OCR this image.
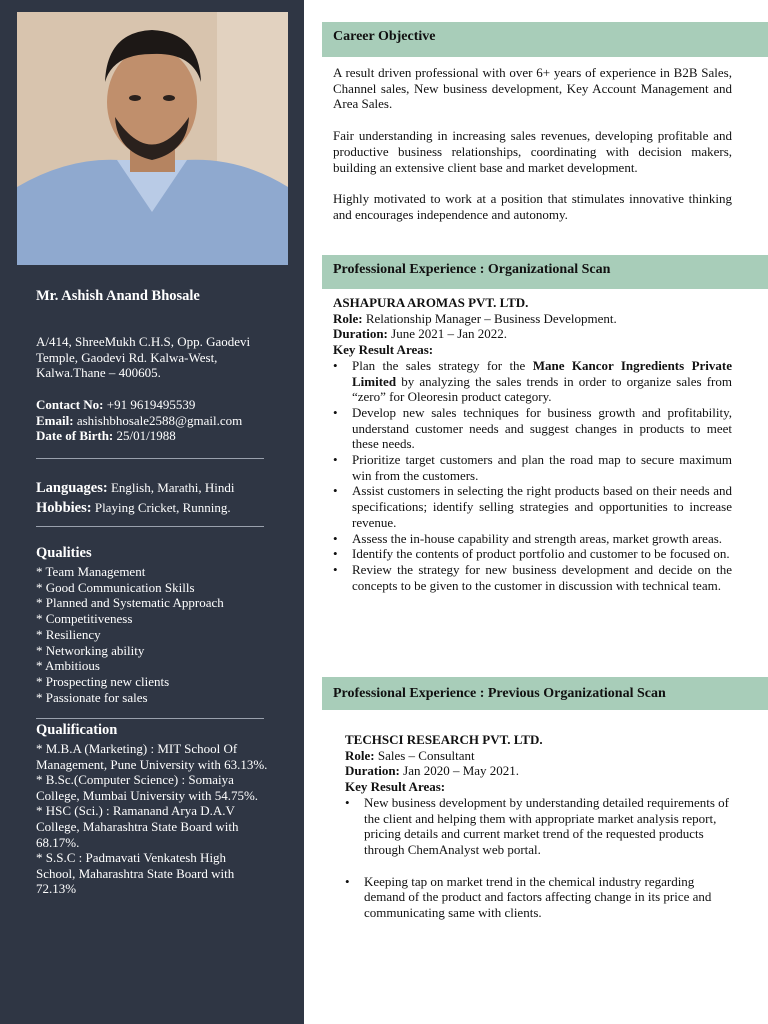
Mr. Ashish Anand Bhosale
A/414, ShreeMukh C.H.S, Opp. Gaodevi Temple, Gaodevi Rd. Kalwa-West, Kalwa.Thane – 400605.
Contact No: +91 9619495539
Email: ashishbhosale2588@gmail.com
Date of Birth: 25/01/1988
Languages: English, Marathi, Hindi
Hobbies: Playing Cricket, Running.
Qualities
* Team Management
* Good Communication Skills
* Planned and Systematic Approach
* Competitiveness
* Resiliency
* Networking ability
* Ambitious
* Prospecting new clients
* Passionate for sales
Qualification
* M.B.A (Marketing) : MIT School Of Management, Pune University with 63.13%.
* B.Sc.(Computer Science) : Somaiya College, Mumbai University with 54.75%.
* HSC (Sci.) : Ramanand Arya D.A.V College, Maharashtra State Board with 68.17%.
* S.S.C : Padmavati Venkatesh High School, Maharashtra State Board with 72.13%
Career Objective

A result driven professional with over 6+ years of experience in B2B Sales, Channel sales, New business development, Key Account Management and Area Sales.

Fair understanding in increasing sales revenues, developing profitable and productive business relationships, coordinating with decision makers, building an extensive client base and market development.

Highly motivated to work at a position that stimulates innovative thinking and encourages independence and autonomy.

Professional Experience : Organizational Scan
ASHAPURA AROMAS PVT. LTD.
Role: Relationship Manager – Business Development.
Duration: June 2021 – Jan 2022.
Key Result Areas:
• Plan the sales strategy for the Mane Kancor Ingredients Private Limited by analyzing the sales trends in order to organize sales from “zero” for Oleoresin product category.
• Develop new sales techniques for business growth and profitability, understand customer needs and suggest changes in products to meet these needs.
• Prioritize target customers and plan the road map to secure maximum win from the customers.
• Assist customers in selecting the right products based on their needs and specifications; identify selling strategies and opportunities to increase revenue.
• Assess the in-house capability and strength areas, market growth areas.
• Identify the contents of product portfolio and customer to be focused on.
• Review the strategy for new business development and decide on the concepts to be given to the customer in discussion with technical team.
Professional Experience : Previous Organizational Scan
TECHSCI RESEARCH PVT. LTD.
Role: Sales – Consultant
Duration: Jan 2020 – May 2021.
Key Result Areas:
• New business development by understanding detailed requirements of the client and helping them with appropriate market analysis report, pricing details and current market trend of the requested products through ChemAnalyst web portal.
• Keeping tap on market trend in the chemical industry regarding demand of the product and factors affecting change in its price and communicating same with clients.
